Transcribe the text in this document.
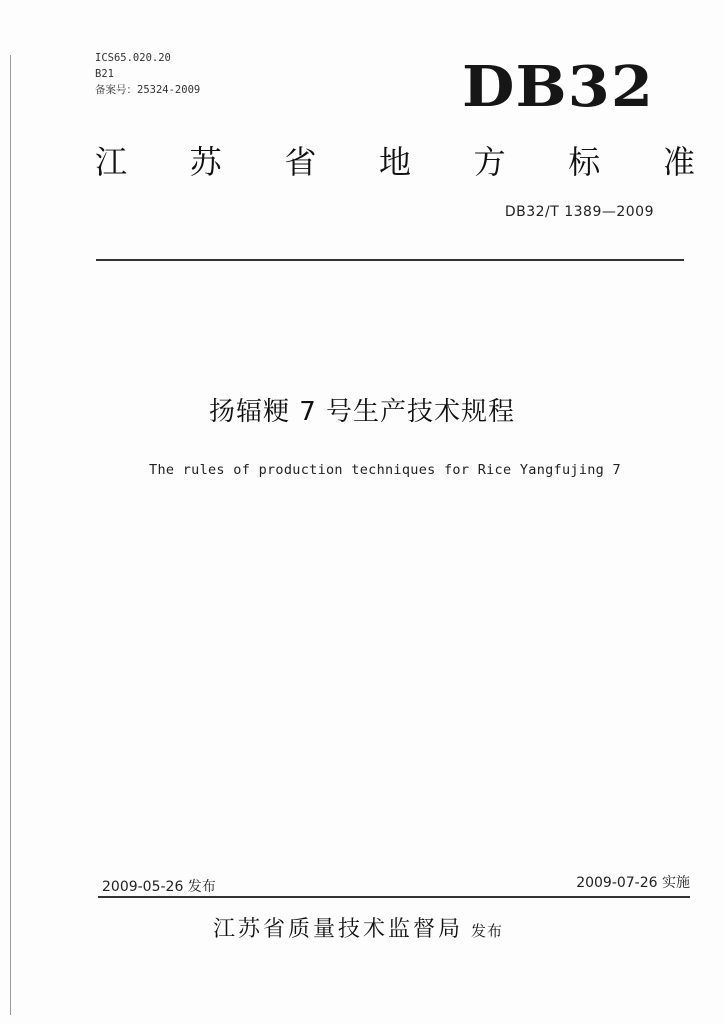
ICS65.020.20
B21
备案号：25324-2009	DB32
江 苏 省 地 方 标 准
DB32/T 1389—2009
扬辐粳 7 号生产技术规程
The rules of production techniques for Rice Yangfujing 7
2009-05-26 发布	2009-07-26 实施
江苏省质量技术监督局 发布
